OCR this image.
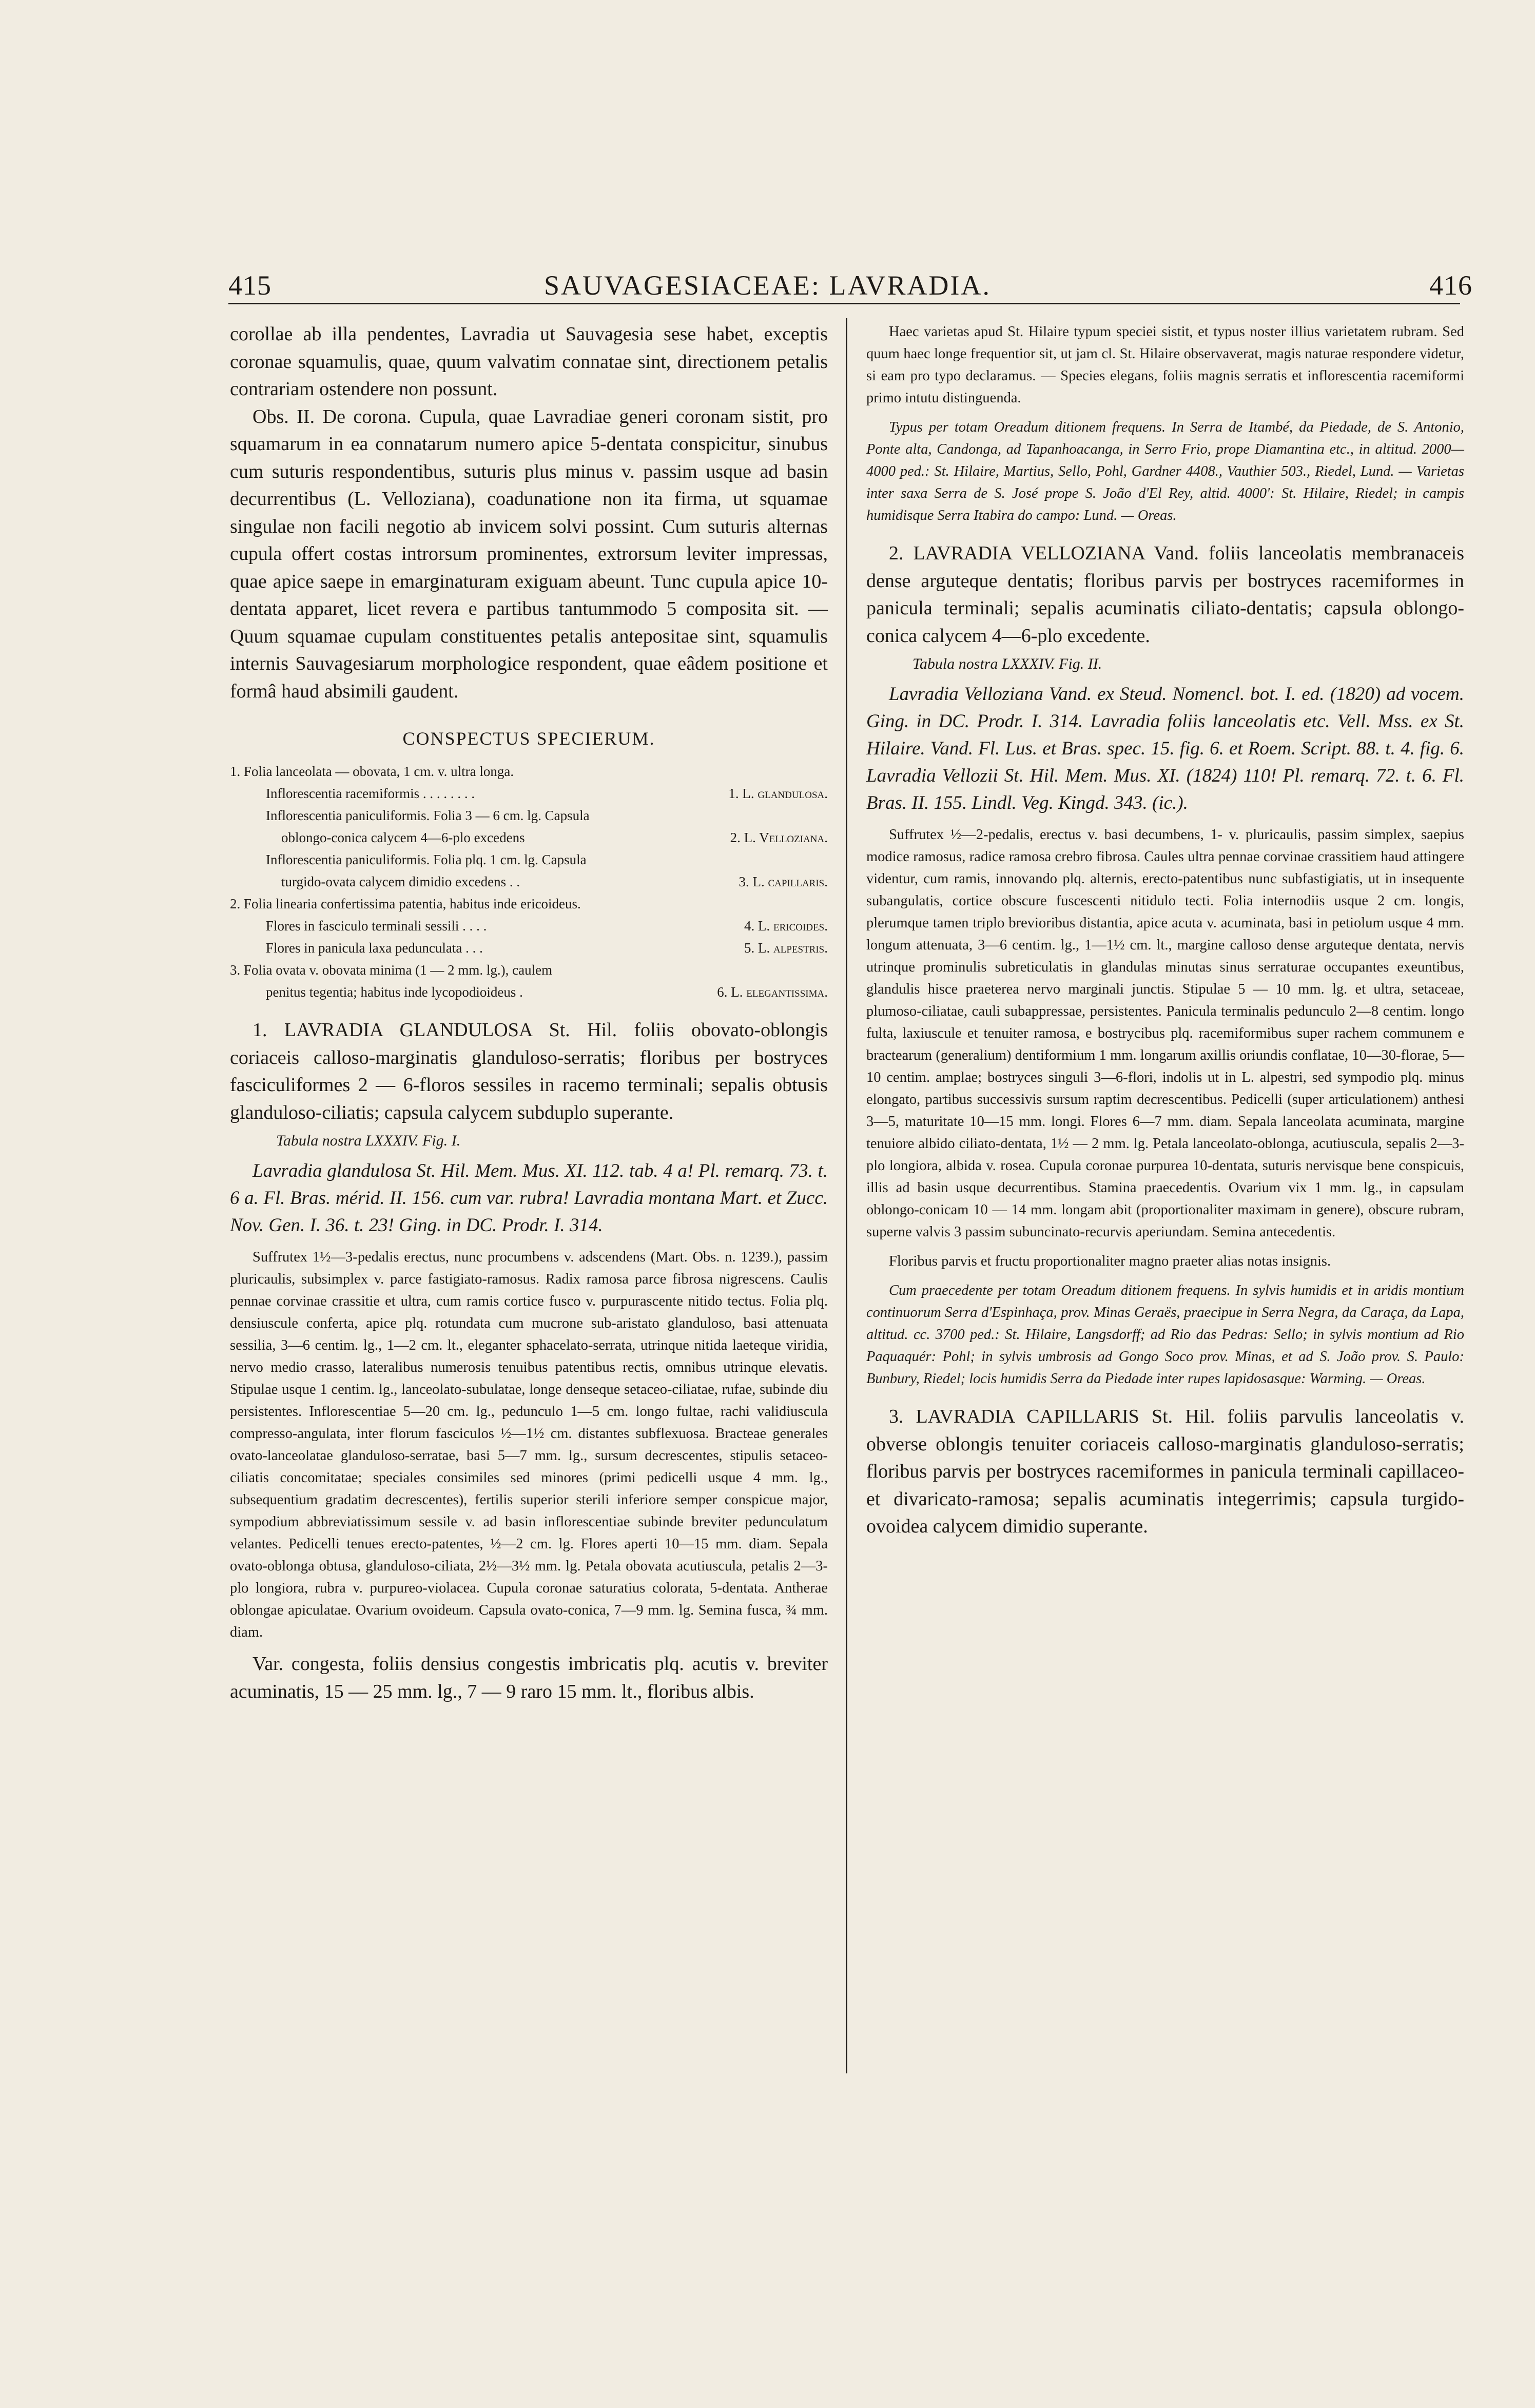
415	SAUVAGESIACEAE: LAVRADIA.	416

corollae ab illa pendentes, Lavradia ut Sauvagesia sese habet, exceptis coronae squamulis, quae, quum valvatim connatae sint, directionem petalis contrariam ostendere non possunt.

Obs. II. De corona. Cupula, quae Lavradiae generi coronam sistit, pro squamarum in ea connatarum numero apice 5-dentata conspicitur, sinubus cum suturis respondentibus, suturis plus minus v. passim usque ad basin decurrentibus (L. Velloziana), coadunatione non ita firma, ut squamae singulae non facili negotio ab invicem solvi possint. Cum suturis alternas cupula offert costas introrsum prominentes, extrorsum leviter impressas, quae apice saepe in emarginaturam exiguam abeunt. Tunc cupula apice 10-dentata apparet, licet revera e partibus tantummodo 5 composita sit. — Quum squamae cupulam constituentes petalis antepositae sint, squamulis internis Sauvagesiarum morphologice respondent, quae eâdem positione et formâ haud absimili gaudent.

CONSPECTUS SPECIERUM.

1. Folia lanceolata — obovata, 1 cm. v. ultra longa.

Inflorescentia racemiformis . . . . . . . .	1. L. glandulosa.

Inflorescentia paniculiformis. Folia 3 — 6 cm. lg. Capsula

oblongo-conica calycem 4—6-plo excedens	2. L. Velloziana.

Inflorescentia paniculiformis. Folia plq. 1 cm. lg. Capsula

turgido-ovata calycem dimidio excedens . .	3. L. capillaris.

2. Folia linearia confertissima patentia, habitus inde ericoideus.

Flores in fasciculo terminali sessili . . . .	4. L. ericoides.

Flores in panicula laxa pedunculata . . .	5. L. alpestris.

3. Folia ovata v. obovata minima (1 — 2 mm. lg.), caulem

penitus tegentia; habitus inde lycopodioideus .	6. L. elegantissima.

1. LAVRADIA GLANDULOSA St. Hil. foliis obovato-oblongis coriaceis calloso-marginatis glanduloso-serratis; floribus per bostryces fasciculiformes 2 — 6-floros sessiles in racemo terminali; sepalis obtusis glanduloso-ciliatis; capsula calycem subduplo superante.

Tabula nostra LXXXIV. Fig. I.

Lavradia glandulosa St. Hil. Mem. Mus. XI. 112. tab. 4 a! Pl. remarq. 73. t. 6 a. Fl. Bras. mérid. II. 156. cum var. rubra! Lavradia montana Mart. et Zucc. Nov. Gen. I. 36. t. 23! Ging. in DC. Prodr. I. 314.

Suffrutex 1½—3-pedalis erectus, nunc procumbens v. adscendens (Mart. Obs. n. 1239.), passim pluricaulis, subsimplex v. parce fastigiato-ramosus. Radix ramosa parce fibrosa nigrescens. Caulis pennae corvinae crassitie et ultra, cum ramis cortice fusco v. purpurascente nitido tectus. Folia plq. densiuscule conferta, apice plq. rotundata cum mucrone sub-aristato glanduloso, basi attenuata sessilia, 3—6 centim. lg., 1—2 cm. lt., eleganter sphacelato-serrata, utrinque nitida laeteque viridia, nervo medio crasso, lateralibus numerosis tenuibus patentibus rectis, omnibus utrinque elevatis. Stipulae usque 1 centim. lg., lanceolato-subulatae, longe denseque setaceo-ciliatae, rufae, subinde diu persistentes. Inflorescentiae 5—20 cm. lg., pedunculo 1—5 cm. longo fultae, rachi validiuscula compresso-angulata, inter florum fasciculos ½—1½ cm. distantes subflexuosa. Bracteae generales ovato-lanceolatae glanduloso-serratae, basi 5—7 mm. lg., sursum decrescentes, stipulis setaceo-ciliatis concomitatae; speciales consimiles sed minores (primi pedicelli usque 4 mm. lg., subsequentium gradatim decrescentes), fertilis superior sterili inferiore semper conspicue major, sympodium abbreviatissimum sessile v. ad basin inflorescentiae subinde breviter pedunculatum velantes. Pedicelli tenues erecto-patentes, ½—2 cm. lg. Flores aperti 10—15 mm. diam. Sepala ovato-oblonga obtusa, glanduloso-ciliata, 2½—3½ mm. lg. Petala obovata acutiuscula, petalis 2—3-plo longiora, rubra v. purpureo-violacea. Cupula coronae saturatius colorata, 5-dentata. Antherae oblongae apiculatae. Ovarium ovoideum. Capsula ovato-conica, 7—9 mm. lg. Semina fusca, ¾ mm. diam.

Var. congesta, foliis densius congestis imbricatis plq. acutis v. breviter acuminatis, 15 — 25 mm. lg., 7 — 9 raro 15 mm. lt., floribus albis.

Haec varietas apud St. Hilaire typum speciei sistit, et typus noster illius varietatem rubram. Sed quum haec longe frequentior sit, ut jam cl. St. Hilaire observaverat, magis naturae respondere videtur, si eam pro typo declaramus. — Species elegans, foliis magnis serratis et inflorescentia racemiformi primo intutu distinguenda.

Typus per totam Oreadum ditionem frequens. In Serra de Itambé, da Piedade, de S. Antonio, Ponte alta, Candonga, ad Tapanhoacanga, in Serro Frio, prope Diamantina etc., in altitud. 2000—4000 ped.: St. Hilaire, Martius, Sello, Pohl, Gardner 4408., Vauthier 503., Riedel, Lund. — Varietas inter saxa Serra de S. José prope S. João d'El Rey, altid. 4000': St. Hilaire, Riedel; in campis humidisque Serra Itabira do campo: Lund. — Oreas.

2. LAVRADIA VELLOZIANA Vand. foliis lanceolatis membranaceis dense arguteque dentatis; floribus parvis per bostryces racemiformes in panicula terminali; sepalis acuminatis ciliato-dentatis; capsula oblongo-conica calycem 4—6-plo excedente.

Tabula nostra LXXXIV. Fig. II.

Lavradia Velloziana Vand. ex Steud. Nomencl. bot. I. ed. (1820) ad vocem. Ging. in DC. Prodr. I. 314. Lavradia foliis lanceolatis etc. Vell. Mss. ex St. Hilaire. Vand. Fl. Lus. et Bras. spec. 15. fig. 6. et Roem. Script. 88. t. 4. fig. 6. Lavradia Vellozii St. Hil. Mem. Mus. XI. (1824) 110! Pl. remarq. 72. t. 6. Fl. Bras. II. 155. Lindl. Veg. Kingd. 343. (ic.).

Suffrutex ½—2-pedalis, erectus v. basi decumbens, 1- v. pluricaulis, passim simplex, saepius modice ramosus, radice ramosa crebro fibrosa. Caules ultra pennae corvinae crassitiem haud attingere videntur, cum ramis, innovando plq. alternis, erecto-patentibus nunc subfastigiatis, ut in insequente subangulatis, cortice obscure fuscescenti nitidulo tecti. Folia internodiis usque 2 cm. longis, plerumque tamen triplo brevioribus distantia, apice acuta v. acuminata, basi in petiolum usque 4 mm. longum attenuata, 3—6 centim. lg., 1—1½ cm. lt., margine calloso dense arguteque dentata, nervis utrinque prominulis subreticulatis in glandulas minutas sinus serraturae occupantes exeuntibus, glandulis hisce praeterea nervo marginali junctis. Stipulae 5 — 10 mm. lg. et ultra, setaceae, plumoso-ciliatae, cauli subappressae, persistentes. Panicula terminalis pedunculo 2—8 centim. longo fulta, laxiuscule et tenuiter ramosa, e bostrycibus plq. racemiformibus super rachem communem e bractearum (generalium) dentiformium 1 mm. longarum axillis oriundis conflatae, 10—30-florae, 5—10 centim. amplae; bostryces singuli 3—6-flori, indolis ut in L. alpestri, sed sympodio plq. minus elongato, partibus successivis sursum raptim decrescentibus. Pedicelli (super articulationem) anthesi 3—5, maturitate 10—15 mm. longi. Flores 6—7 mm. diam. Sepala lanceolata acuminata, margine tenuiore albido ciliato-dentata, 1½ — 2 mm. lg. Petala lanceolato-oblonga, acutiuscula, sepalis 2—3-plo longiora, albida v. rosea. Cupula coronae purpurea 10-dentata, suturis nervisque bene conspicuis, illis ad basin usque decurrentibus. Stamina praecedentis. Ovarium vix 1 mm. lg., in capsulam oblongo-conicam 10 — 14 mm. longam abit (proportionaliter maximam in genere), obscure rubram, superne valvis 3 passim subuncinato-recurvis aperiundam. Semina antecedentis.

Floribus parvis et fructu proportionaliter magno praeter alias notas insignis.

Cum praecedente per totam Oreadum ditionem frequens. In sylvis humidis et in aridis montium continuorum Serra d'Espinhaça, prov. Minas Geraës, praecipue in Serra Negra, da Caraça, da Lapa, altitud. cc. 3700 ped.: St. Hilaire, Langsdorff; ad Rio das Pedras: Sello; in sylvis montium ad Rio Paquaquér: Pohl; in sylvis umbrosis ad Gongo Soco prov. Minas, et ad S. João prov. S. Paulo: Bunbury, Riedel; locis humidis Serra da Piedade inter rupes lapidosasque: Warming. — Oreas.

3. LAVRADIA CAPILLARIS St. Hil. foliis parvulis lanceolatis v. obverse oblongis tenuiter coriaceis calloso-marginatis glanduloso-serratis; floribus parvis per bostryces racemiformes in panicula terminali capillaceo- et divaricato-ramosa; sepalis acuminatis integerrimis; capsula turgido-ovoidea calycem dimidio superante.
